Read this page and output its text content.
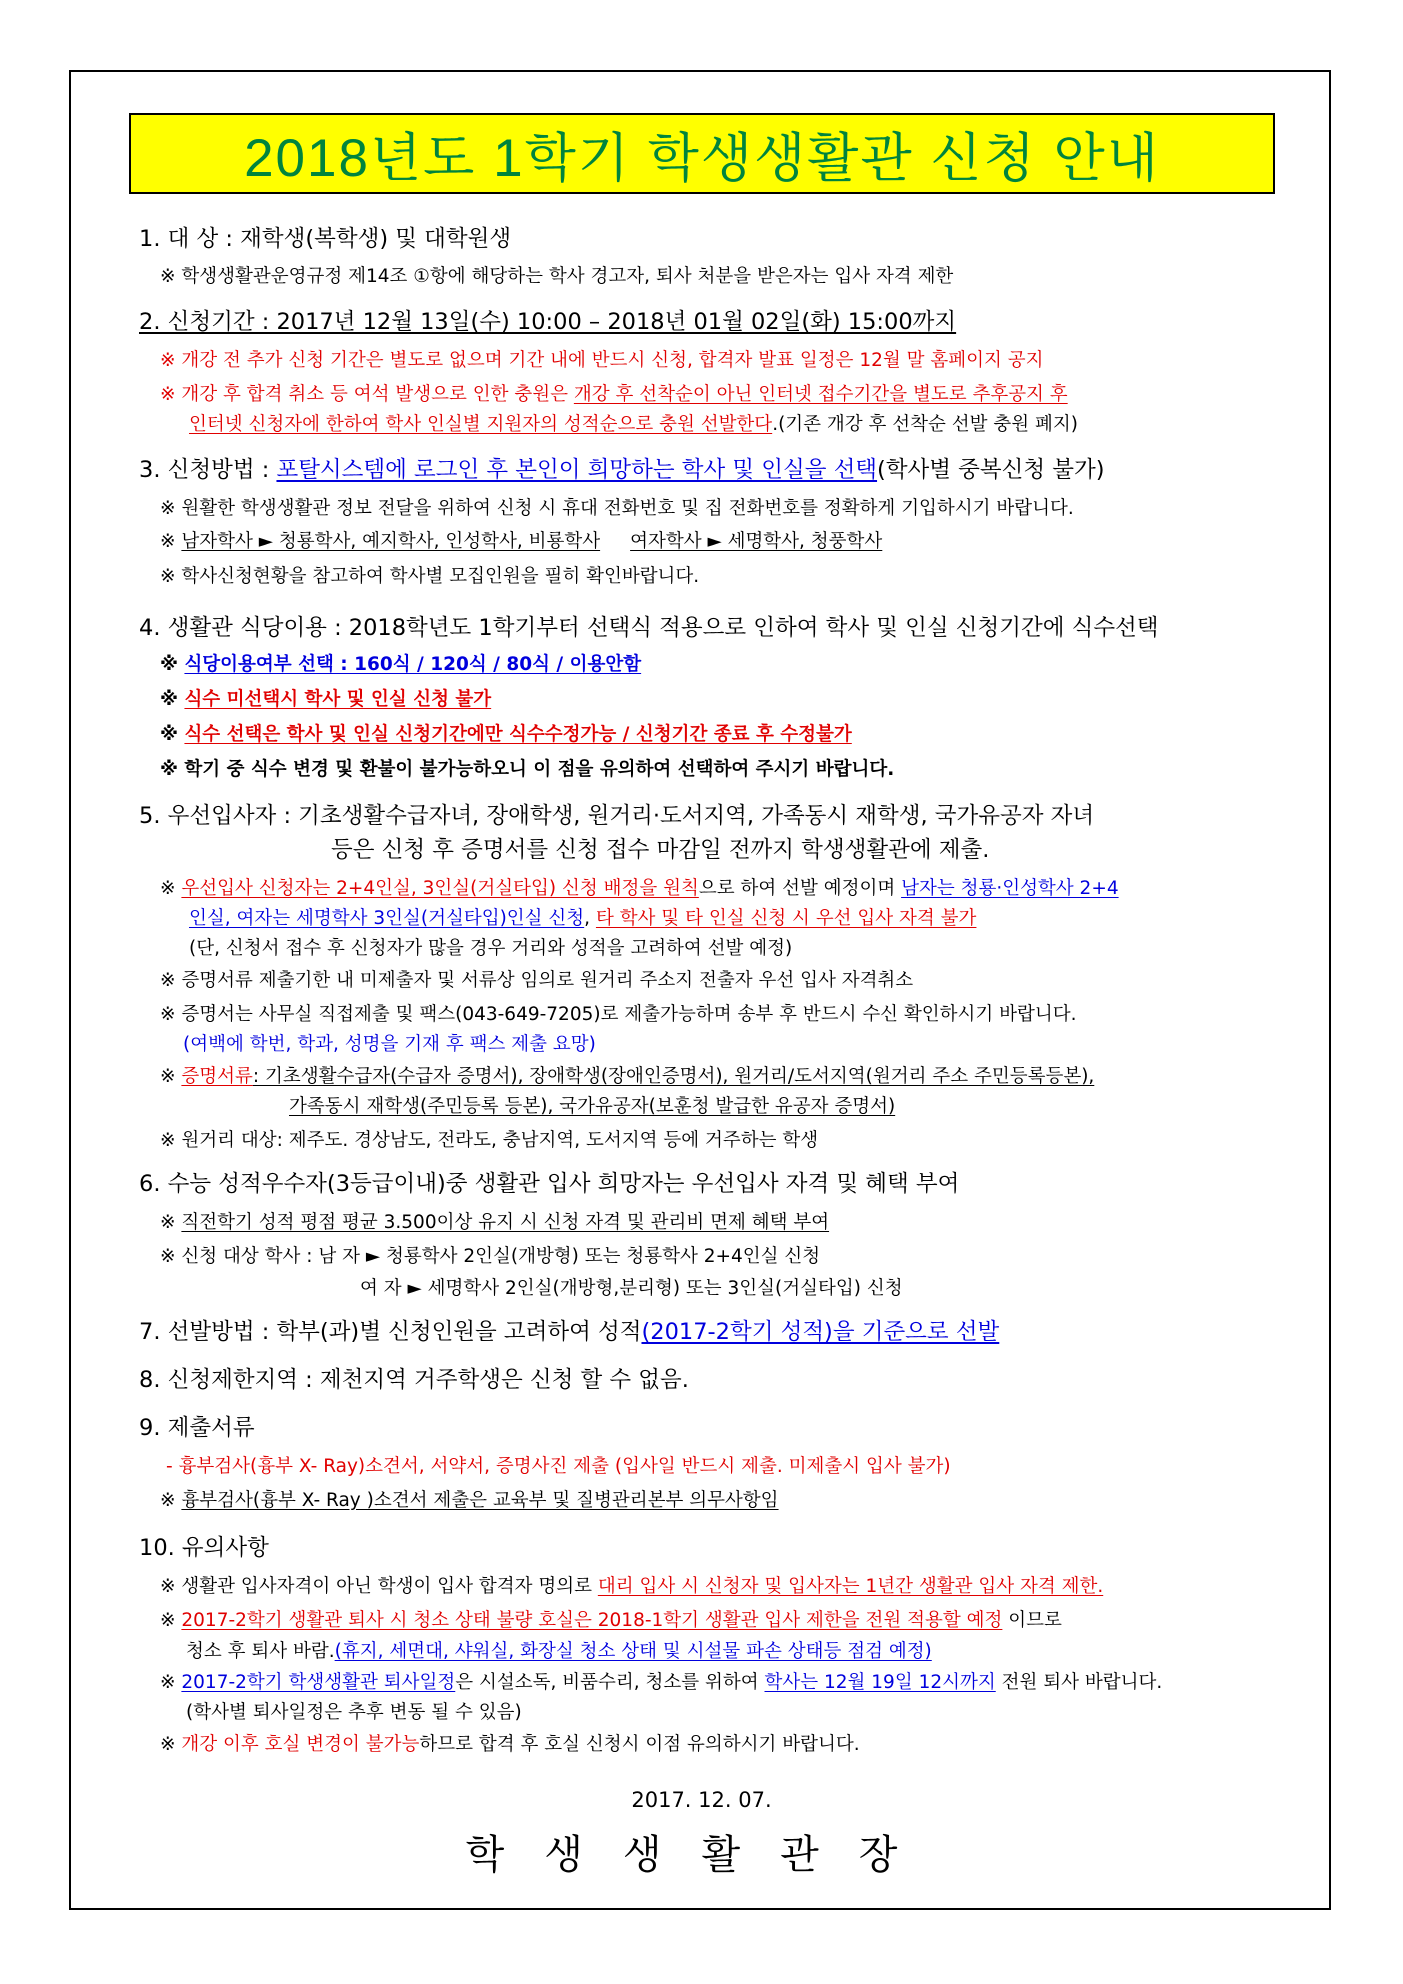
2018년도 1학기 학생생활관 신청 안내
1. 대 상 : 재학생(복학생) 및 대학원생
※ 학생생활관운영규정 제14조 ①항에 해당하는 학사 경고자, 퇴사 처분을 받은자는 입사 자격 제한
2. 신청기간 : 2017년 12월 13일(수) 10:00 – 2018년 01월 02일(화) 15:00까지
※ 개강 전 추가 신청 기간은 별도로 없으며 기간 내에 반드시 신청, 합격자 발표 일정은 12월 말 홈페이지 공지
※ 개강 후 합격 취소 등 여석 발생으로 인한 충원은 개강 후 선착순이 아닌 인터넷 접수기간을 별도로 추후공지 후
인터넷 신청자에 한하여 학사 인실별 지원자의 성적순으로 충원 선발한다.(기존 개강 후 선착순 선발 충원 폐지)
3. 신청방법 : 포탈시스템에 로그인 후 본인이 희망하는 학사 및 인실을 선택(학사별 중복신청 불가)
※ 원활한 학생생활관 정보 전달을 위하여 신청 시 휴대 전화번호 및 집 전화번호를 정확하게 기입하시기 바랍니다.
※ 남자학사 ► 청룡학사, 예지학사, 인성학사, 비룡학사 여자학사 ► 세명학사, 청풍학사
※ 학사신청현황을 참고하여 학사별 모집인원을 필히 확인바랍니다.
4. 생활관 식당이용 : 2018학년도 1학기부터 선택식 적용으로 인하여 학사 및 인실 신청기간에 식수선택
※ 식당이용여부 선택 : 160식 / 120식 / 80식 / 이용안함
※ 식수 미선택시 학사 및 인실 신청 불가
※ 식수 선택은 학사 및 인실 신청기간에만 식수수정가능 / 신청기간 종료 후 수정불가
※ 학기 중 식수 변경 및 환불이 불가능하오니 이 점을 유의하여 선택하여 주시기 바랍니다.
5. 우선입사자 : 기초생활수급자녀, 장애학생, 원거리·도서지역, 가족동시 재학생, 국가유공자 자녀
등은 신청 후 증명서를 신청 접수 마감일 전까지 학생생활관에 제출.
※ 우선입사 신청자는 2+4인실, 3인실(거실타입) 신청 배정을 원칙으로 하여 선발 예정이며 남자는 청룡·인성학사 2+4
인실, 여자는 세명학사 3인실(거실타입)인실 신청, 타 학사 및 타 인실 신청 시 우선 입사 자격 불가
(단, 신청서 접수 후 신청자가 많을 경우 거리와 성적을 고려하여 선발 예정)
※ 증명서류 제출기한 내 미제출자 및 서류상 임의로 원거리 주소지 전출자 우선 입사 자격취소
※ 증명서는 사무실 직접제출 및 팩스(043-649-7205)로 제출가능하며 송부 후 반드시 수신 확인하시기 바랍니다.
(여백에 학번, 학과, 성명을 기재 후 팩스 제출 요망)
※ 증명서류: 기초생활수급자(수급자 증명서), 장애학생(장애인증명서), 원거리/도서지역(원거리 주소 주민등록등본),
가족동시 재학생(주민등록 등본), 국가유공자(보훈청 발급한 유공자 증명서)
※ 원거리 대상: 제주도. 경상남도, 전라도, 충남지역, 도서지역 등에 거주하는 학생
6. 수능 성적우수자(3등급이내)중 생활관 입사 희망자는 우선입사 자격 및 혜택 부여
※ 직전학기 성적 평점 평균 3.500이상 유지 시 신청 자격 및 관리비 면제 혜택 부여
※ 신청 대상 학사 : 남 자 ► 청룡학사 2인실(개방형) 또는 청룡학사 2+4인실 신청
여 자 ► 세명학사 2인실(개방형,분리형) 또는 3인실(거실타입) 신청
7. 선발방법 : 학부(과)별 신청인원을 고려하여 성적(2017-2학기 성적)을 기준으로 선발
8. 신청제한지역 : 제천지역 거주학생은 신청 할 수 없음.
9. 제출서류
- 흉부검사(흉부 X- Ray)소견서, 서약서, 증명사진 제출 (입사일 반드시 제출. 미제출시 입사 불가)
※ 흉부검사(흉부 X- Ray )소견서 제출은 교육부 및 질병관리본부 의무사항임
10. 유의사항
※ 생활관 입사자격이 아닌 학생이 입사 합격자 명의로 대리 입사 시 신청자 및 입사자는 1년간 생활관 입사 자격 제한.
※ 2017-2학기 생활관 퇴사 시 청소 상태 불량 호실은 2018-1학기 생활관 입사 제한을 전원 적용할 예정 이므로
청소 후 퇴사 바람.(휴지, 세면대, 샤워실, 화장실 청소 상태 및 시설물 파손 상태등 점검 예정)
※ 2017-2학기 학생생활관 퇴사일정은 시설소독, 비품수리, 청소를 위하여 학사는 12월 19일 12시까지 전원 퇴사 바랍니다.
(학사별 퇴사일정은 추후 변동 될 수 있음)
※ 개강 이후 호실 변경이 불가능하므로 합격 후 호실 신청시 이점 유의하시기 바랍니다.
2017. 12. 07.
학생생활관장
